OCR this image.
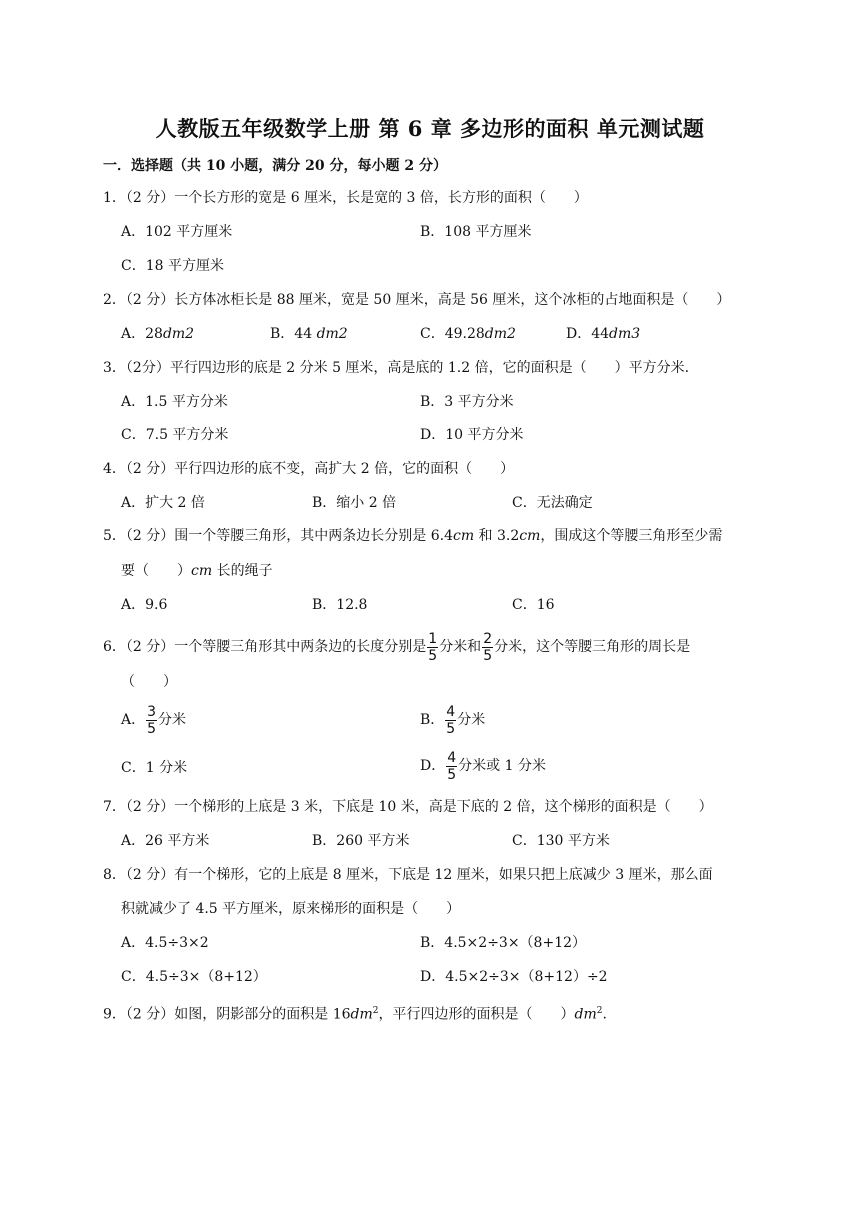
人教版五年级数学上册 第 6 章 多边形的面积 单元测试题
一．选择题（共 10 小题，满分 20 分，每小题 2 分）
1．（2 分）一个长方形的宽是 6 厘米，长是宽的 3 倍，长方形的面积（　　）
A．102 平方厘米	B．108 平方厘米
C．18 平方厘米
2．（2 分）长方体冰柜长是 88 厘米，宽是 50 厘米，高是 56 厘米，这个冰柜的占地面积是（　　）
A．28dm2	B．44 dm2	C．49.28dm2	D．44dm3
3．（2分）平行四边形的底是 2 分米 5 厘米，高是底的 1.2 倍，它的面积是（　　）平方分米.
A．1.5 平方分米	B．3 平方分米
C．7.5 平方分米	D．10 平方分米
4．（2 分）平行四边形的底不变，高扩大 2 倍，它的面积（　　）
A．扩大 2 倍	B．缩小 2 倍	C．无法确定
5．（2 分）围一个等腰三角形，其中两条边长分别是 6.4cm 和 3.2cm，围成这个等腰三角形至少需
要（　　）cm 长的绳子
A．9.6	B．12.8	C．16
6．（2 分）一个等腰三角形其中两条边的长度分别是 $\frac{1}{5}$ 分米和 $\frac{2}{5}$ 分米，这个等腰三角形的周长是
（　　）
A． $\frac{3}{5}$ 分米	B． $\frac{4}{5}$ 分米
C．1 分米	D． $\frac{4}{5}$ 分米或 1 分米
7．（2 分）一个梯形的上底是 3 米，下底是 10 米，高是下底的 2 倍，这个梯形的面积是（　　）
A．26 平方米	B．260 平方米	C．130 平方米
8．（2 分）有一个梯形，它的上底是 8 厘米，下底是 12 厘米，如果只把上底减少 3 厘米，那么面
积就减少了 4.5 平方厘米，原来梯形的面积是（　　）
A．4.5÷3×2	B．4.5×2÷3×（8+12）
C．4.5÷3×（8+12）	D．4.5×2÷3×（8+12）÷2
9．（2 分）如图，阴影部分的面积是 $16dm^2$，平行四边形的面积是（　　）$dm^2$.
